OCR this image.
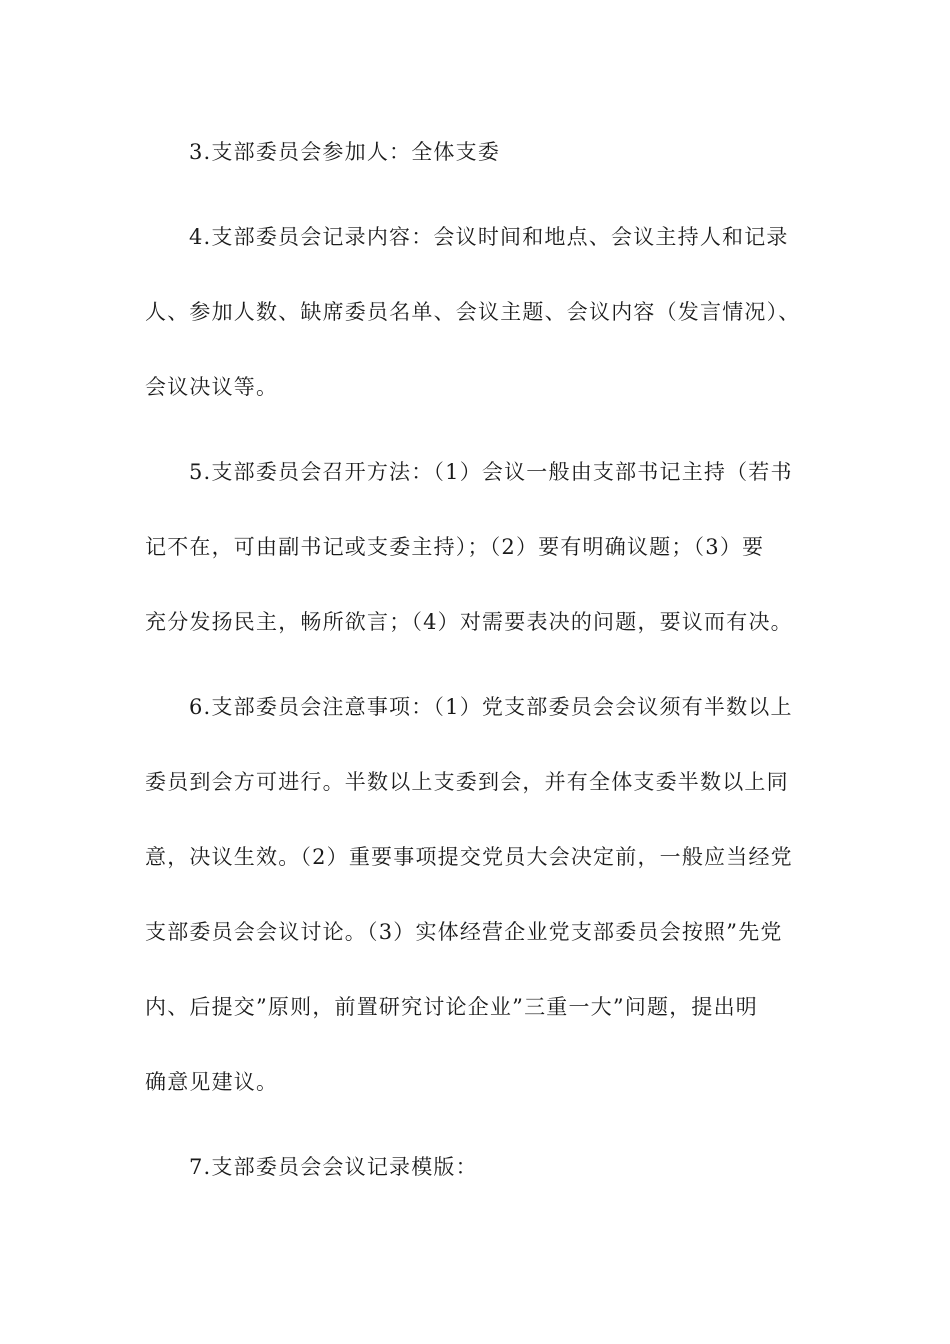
3.支部委员会参加人：全体支委
4.支部委员会记录内容：会议时间和地点、会议主持人和记录
人、参加人数、缺席委员名单、会议主题、会议内容（发言情况）、
会议决议等。
5.支部委员会召开方法：（1）会议一般由支部书记主持（若书
记不在，可由副书记或支委主持）；（2）要有明确议题；（3）要
充分发扬民主，畅所欲言；（4）对需要表决的问题，要议而有决。
6.支部委员会注意事项：（1）党支部委员会会议须有半数以上
委员到会方可进行。半数以上支委到会，并有全体支委半数以上同
意，决议生效。（2）重要事项提交党员大会决定前，一般应当经党
支部委员会会议讨论。（3）实体经营企业党支部委员会按照”先党
内、后提交”原则，前置研究讨论企业”三重一大”问题，提出明
确意见建议。
7.支部委员会会议记录模版：
